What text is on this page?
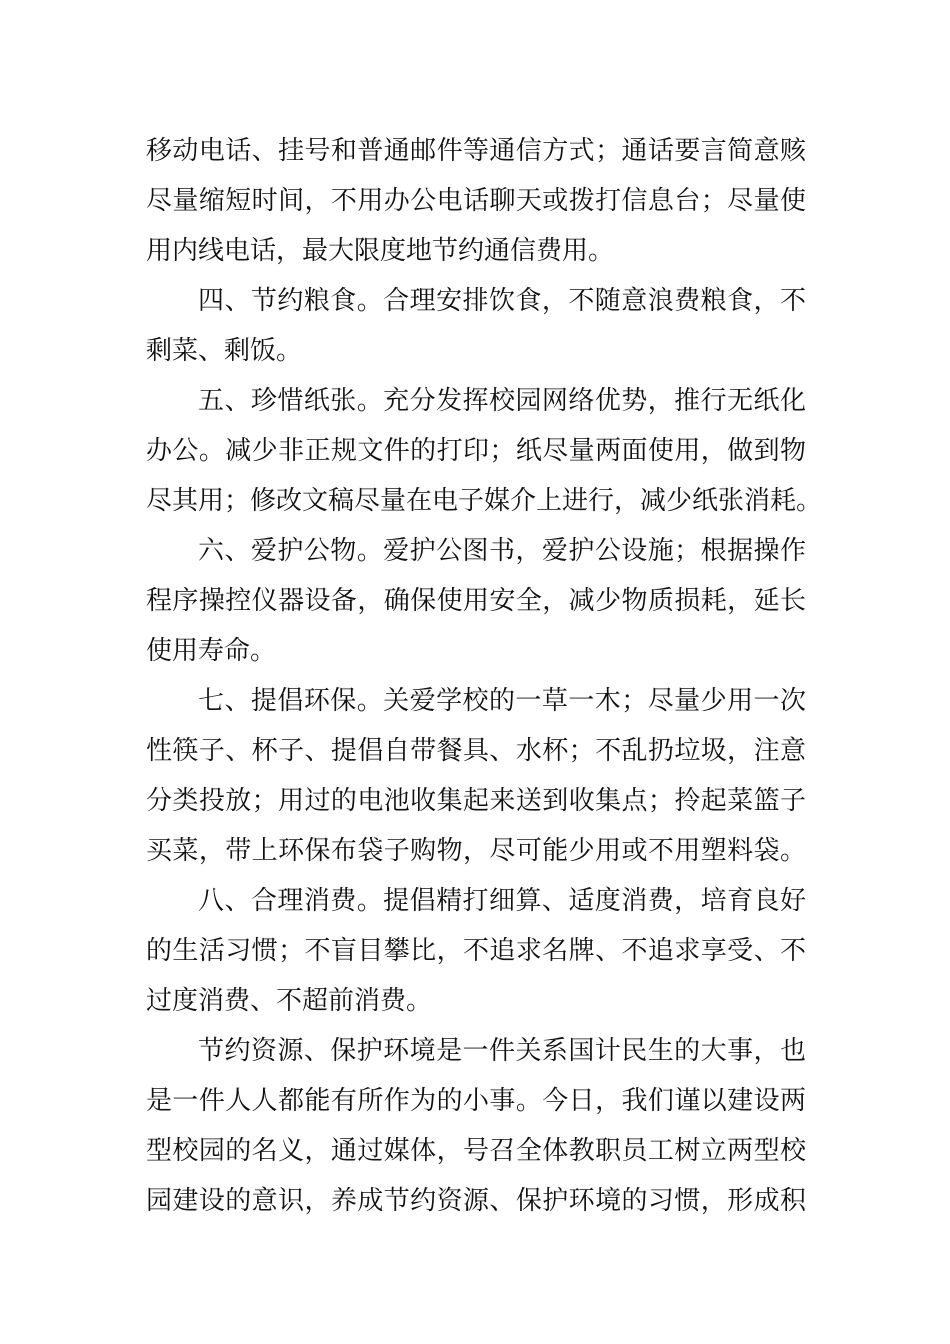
移动电话、挂号和普通邮件等通信方式；通话要言简意赅
尽量缩短时间，不用办公电话聊天或拨打信息台；尽量使
用内线电话，最大限度地节约通信费用。
四、节约粮食。合理安排饮食，不随意浪费粮食，不
剩菜、剩饭。
五、珍惜纸张。充分发挥校园网络优势，推行无纸化
办公。减少非正规文件的打印；纸尽量两面使用，做到物
尽其用；修改文稿尽量在电子媒介上进行，减少纸张消耗。
六、爱护公物。爱护公图书，爱护公设施；根据操作
程序操控仪器设备，确保使用安全，减少物质损耗，延长
使用寿命。
七、提倡环保。关爱学校的一草一木；尽量少用一次
性筷子、杯子、提倡自带餐具、水杯；不乱扔垃圾，注意
分类投放；用过的电池收集起来送到收集点；拎起菜篮子
买菜，带上环保布袋子购物，尽可能少用或不用塑料袋。
八、合理消费。提倡精打细算、适度消费，培育良好
的生活习惯；不盲目攀比，不追求名牌、不追求享受、不
过度消费、不超前消费。
节约资源、保护环境是一件关系国计民生的大事，也
是一件人人都能有所作为的小事。今日，我们谨以建设两
型校园的名义，通过媒体，号召全体教职员工树立两型校
园建设的意识，养成节约资源、保护环境的习惯，形成积
